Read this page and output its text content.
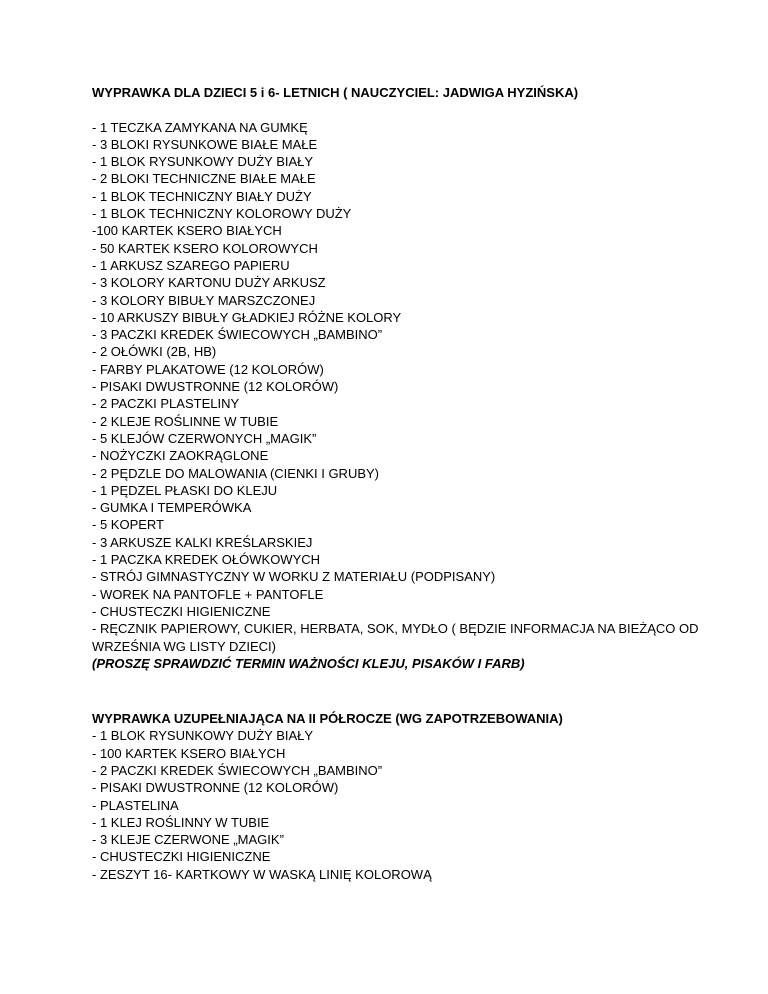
WYPRAWKA DLA DZIECI 5 i 6- LETNICH ( NAUCZYCIEL: JADWIGA HYZIŃSKA)
- 1 TECZKA ZAMYKANA NA GUMKĘ
- 3 BLOKI RYSUNKOWE BIAŁE MAŁE
- 1 BLOK RYSUNKOWY DUŻY BIAŁY
- 2 BLOKI TECHNICZNE BIAŁE MAŁE
- 1 BLOK TECHNICZNY BIAŁY DUŻY
- 1 BLOK TECHNICZNY KOLOROWY DUŻY
-100 KARTEK KSERO BIAŁYCH
- 50 KARTEK KSERO KOLOROWYCH
- 1 ARKUSZ SZAREGO PAPIERU
- 3 KOLORY KARTONU DUŻY ARKUSZ
- 3 KOLORY BIBUŁY MARSZCZONEJ
- 10 ARKUSZY BIBUŁY GŁADKIEJ RÓŻNE KOLORY
- 3 PACZKI KREDEK ŚWIECOWYCH „BAMBINO”
- 2 OŁÓWKI (2B, HB)
- FARBY PLAKATOWE (12 KOLORÓW)
- PISAKI DWUSTRONNE (12 KOLORÓW)
- 2 PACZKI PLASTELINY
- 2 KLEJE ROŚLINNE W TUBIE
- 5 KLEJÓW CZERWONYCH „MAGIK”
- NOŻYCZKI ZAOKRĄGLONE
- 2 PĘDZLE DO MALOWANIA (CIENKI I GRUBY)
- 1 PĘDZEL PŁASKI DO KLEJU
- GUMKA I TEMPERÓWKA
- 5 KOPERT
- 3 ARKUSZE KALKI KREŚLARSKIEJ
- 1 PACZKA KREDEK OŁÓWKOWYCH
- STRÓJ GIMNASTYCZNY W WORKU Z MATERIAŁU (PODPISANY)
- WOREK NA PANTOFLE + PANTOFLE
- CHUSTECZKI HIGIENICZNE
- RĘCZNIK PAPIEROWY, CUKIER, HERBATA, SOK, MYDŁO ( BĘDZIE INFORMACJA NA BIEŻĄCO OD WRZEŚNIA WG LISTY DZIECI)
(PROSZĘ SPRAWDZIĆ TERMIN WAŻNOŚCI KLEJU, PISAKÓW I FARB)
WYPRAWKA UZUPEŁNIAJĄCA NA II PÓŁROCZE (WG ZAPOTRZEBOWANIA)
- 1 BLOK RYSUNKOWY DUŻY BIAŁY
- 100 KARTEK KSERO BIAŁYCH
- 2 PACZKI KREDEK ŚWIECOWYCH „BAMBINO”
- PISAKI DWUSTRONNE (12 KOLORÓW)
- PLASTELINA
- 1 KLEJ ROŚLINNY W TUBIE
- 3 KLEJE CZERWONE „MAGIK”
- CHUSTECZKI HIGIENICZNE
- ZESZYT 16- KARTKOWY W WASKĄ LINIĘ KOLOROWĄ
